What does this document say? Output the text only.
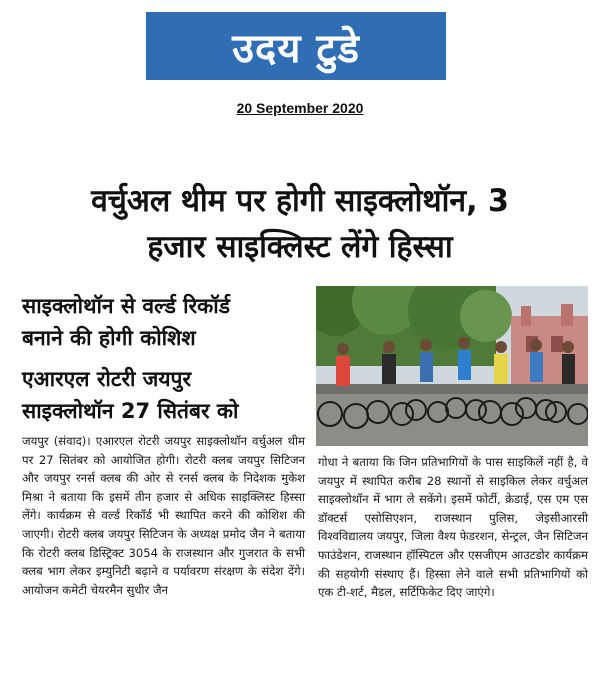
उदय टुडे
20 September 2020
वर्चुअल थीम पर होगी साइक्लोथॉन, 3
हजार साइक्लिस्ट लेंगे हिस्सा
साइक्लोथॉन से वर्ल्ड रिकॉर्ड
बनाने की होगी कोशिश
एआरएल रोटरी जयपुर
साइक्लोथॉन 27 सितंबर को
जयपुर (संवाद)। एआरएल रोटरी जयपुर साइक्लोथॉन वर्चुअल थीम पर 27 सितंबर को आयोजित होगी। रोटरी क्लब जयपुर सिटिजन और जयपुर रनर्स क्लब की ओर से रनर्स क्लब के निदेशक मुकेश मिश्रा ने बताया कि इसमें तीन हजार से अधिक साइक्लिस्ट हिस्सा लेंगे। कार्यक्रम से वर्ल्ड रिकॉर्ड भी स्थापित करने की कोशिश की जाएगी। रोटरी क्लब जयपुर सिटिजन के अध्यक्ष प्रमोद जैन ने बताया कि रोटरी क्लब डिस्ट्रिक्ट 3054 के राजस्थान और गुजरात के सभी क्लब भाग लेकर इम्युनिटी बढ़ाने व पर्यावरण संरक्षण के संदेश देंगे। आयोजन कमेटी चेयरमैन सुधीर जैन
गोधा ने बताया कि जिन प्रतिभागियों के पास साइकिलें नहीं है, वे जयपुर में स्थापित करीब 28 स्थानों से साइकिल लेकर वर्चुअल साइक्लोथॉन में भाग ले सकेंगे। इसमें फोर्टी, क्रेडाई, एस एम एस डॉक्टर्स एसोसिएशन, राजस्थान पुलिस, जेइसीआरसी विश्वविद्यालय जयपुर, जिला वैश्य फेडरशन, सेन्ट्रल, जैन सिटिजन फाउंडेशन, राजस्थान हॉस्पिटल और एसजीएम आउटडोर कार्यक्रम की सहयोगी संस्थाए हैं। हिस्सा लेने वाले सभी प्रतिभागियों को एक टी-शर्ट, मैडल, सर्टिफिकेट दिए जाएंगे।
